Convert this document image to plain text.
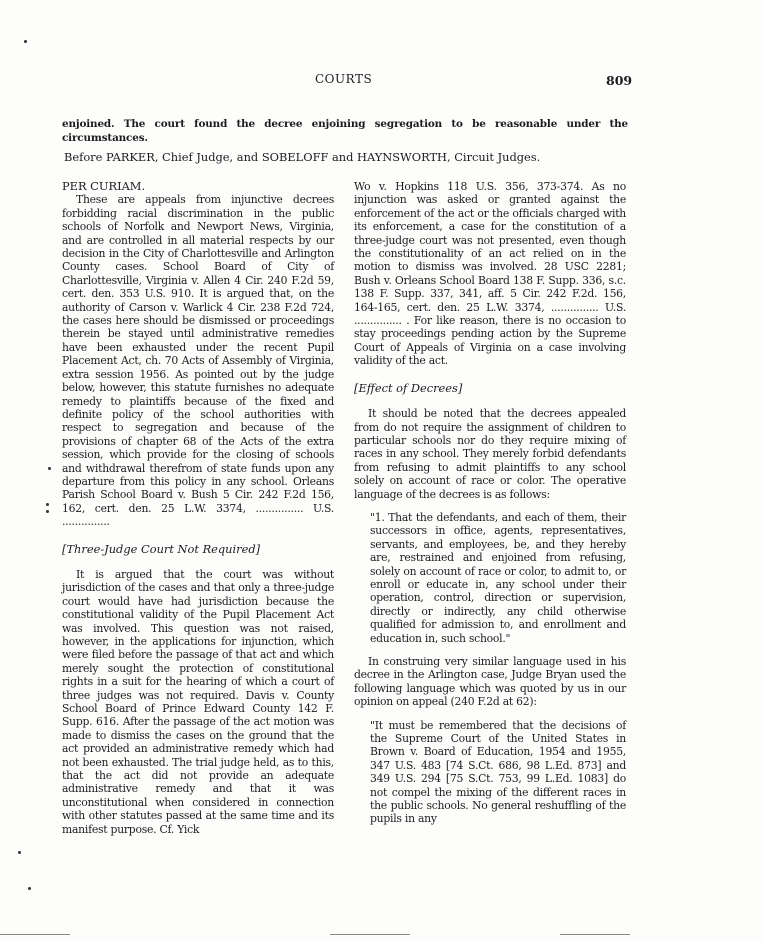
COURTS	809
enjoined. The court found the decree enjoining segregation to be reasonable under the circumstances.
Before PARKER, Chief Judge, and SOBELOFF and HAYNSWORTH, Circuit Judges.

PER CURIAM.

These are appeals from injunctive decrees forbidding racial discrimination in the public schools of Norfolk and Newport News, Virginia, and are controlled in all material respects by our decision in the City of Charlottesville and Arlington County cases. School Board of City of Charlottesville, Virginia v. Allen 4 Cir. 240 F.2d 59, cert. den. 353 U.S. 910. It is argued that, on the authority of Carson v. Warlick 4 Cir. 238 F.2d 724, the cases here should be dismissed or proceedings therein be stayed until administrative remedies have been exhausted under the recent Pupil Placement Act, ch. 70 Acts of Assembly of Virginia, extra session 1956. As pointed out by the judge below, however, this statute furnishes no adequate remedy to plaintiffs because of the fixed and definite policy of the school authorities with respect to segregation and because of the provisions of chapter 68 of the Acts of the extra session, which provide for the closing of schools and withdrawal therefrom of state funds upon any departure from this policy in any school. Orleans Parish School Board v. Bush 5 Cir. 242 F.2d 156, 162, cert. den. 25 L.W. 3374, ............... U.S. ...............

[Three-Judge Court Not Required]

It is argued that the court was without jurisdiction of the cases and that only a three-judge court would have had jurisdiction because the constitutional validity of the Pupil Placement Act was involved. This question was not raised, however, in the applications for injunction, which were filed before the passage of that act and which merely sought the protection of constitutional rights in a suit for the hearing of which a court of three judges was not required. Davis v. County School Board of Prince Edward County 142 F. Supp. 616. After the passage of the act motion was made to dismiss the cases on the ground that the act provided an administrative remedy which had not been exhausted. The trial judge held, as to this, that the act did not provide an adequate administrative remedy and that it was unconstitutional when considered in connection with other statutes passed at the same time and its manifest purpose. Cf. Yick

Wo v. Hopkins 118 U.S. 356, 373-374. As no injunction was asked or granted against the enforcement of the act or the officials charged with its enforcement, a case for the constitution of a three-judge court was not presented, even though the constitutionality of an act relied on in the motion to dismiss was involved. 28 USC 2281; Bush v. Orleans School Board 138 F. Supp. 336, s.c. 138 F. Supp. 337, 341, aff. 5 Cir. 242 F.2d. 156, 164-165, cert. den. 25 L.W. 3374, ............... U.S. ............... . For like reason, there is no occasion to stay proceedings pending action by the Supreme Court of Appeals of Virginia on a case involving validity of the act.

[Effect of Decrees]

It should be noted that the decrees appealed from do not require the assignment of children to particular schools nor do they require mixing of races in any school. They merely forbid defendants from refusing to admit plaintiffs to any school solely on account of race or color. The operative language of the decrees is as follows:

"1. That the defendants, and each of them, their successors in office, agents, representatives, servants, and employees, be, and they hereby are, restrained and enjoined from refusing, solely on account of race or color, to admit to, or enroll or educate in, any school under their operation, control, direction or supervision, directly or indirectly, any child otherwise qualified for admission to, and enrollment and education in, such school."

In construing very similar language used in his decree in the Arlington case, Judge Bryan used the following language which was quoted by us in our opinion on appeal (240 F.2d at 62):

"It must be remembered that the decisions of the Supreme Court of the United States in Brown v. Board of Education, 1954 and 1955, 347 U.S. 483 [74 S.Ct. 686, 98 L.Ed. 873] and 349 U.S. 294 [75 S.Ct. 753, 99 L.Ed. 1083] do not compel the mixing of the different races in the public schools. No general reshuffling of the pupils in any
